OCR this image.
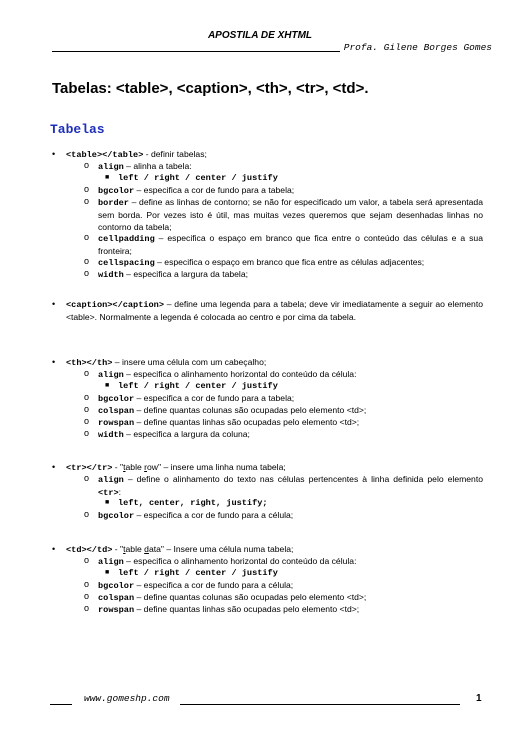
APOSTILA DE XHTML
Profa. Gilene Borges Gomes
Tabelas: <table>, <caption>, <th>, <tr>, <td>.
Tabelas
• <table></table> - definir tabelas;
o align – alinha a tabela:
■ left / right / center / justify
o bgcolor – especifica a cor de fundo para a tabela;
o border – define as linhas de contorno; se não for especificado um valor, a tabela será apresentada sem borda. Por vezes isto é útil, mas muitas vezes queremos que sejam desenhadas linhas no contorno da tabela;
o cellpadding – especifica o espaço em branco que fica entre o conteúdo das células e a sua fronteira;
o cellspacing – especifica o espaço em branco que fica entre as células adjacentes;
o width – especifica a largura da tabela;
• <caption></caption> – define uma legenda para a tabela; deve vir imediatamente a seguir ao elemento <table>. Normalmente a legenda é colocada ao centro e por cima da tabela.
• <th></th> – insere uma célula com um cabeçalho;
o align – especifica o alinhamento horizontal do conteúdo da célula:
■ left / right / center / justify
o bgcolor – especifica a cor de fundo para a tabela;
o colspan – define quantas colunas são ocupadas pelo elemento <td>;
o rowspan – define quantas linhas são ocupadas pelo elemento <td>;
o width – especifica a largura da coluna;
• <tr></tr> - "table row" – insere uma linha numa tabela;
o align – define o alinhamento do texto nas células pertencentes à linha definida pelo elemento <tr>:
■ left, center, right, justify;
o bgcolor – especifica a cor de fundo para a célula;
• <td></td> - "table data" – Insere uma célula numa tabela;
o align – especifica o alinhamento horizontal do conteúdo da célula:
■ left / right / center / justify
o bgcolor – especifica a cor de fundo para a célula;
o colspan – define quantas colunas são ocupadas pelo elemento <td>;
o rowspan – define quantas linhas são ocupadas pelo elemento <td>;
www.gomeshp.com	1
